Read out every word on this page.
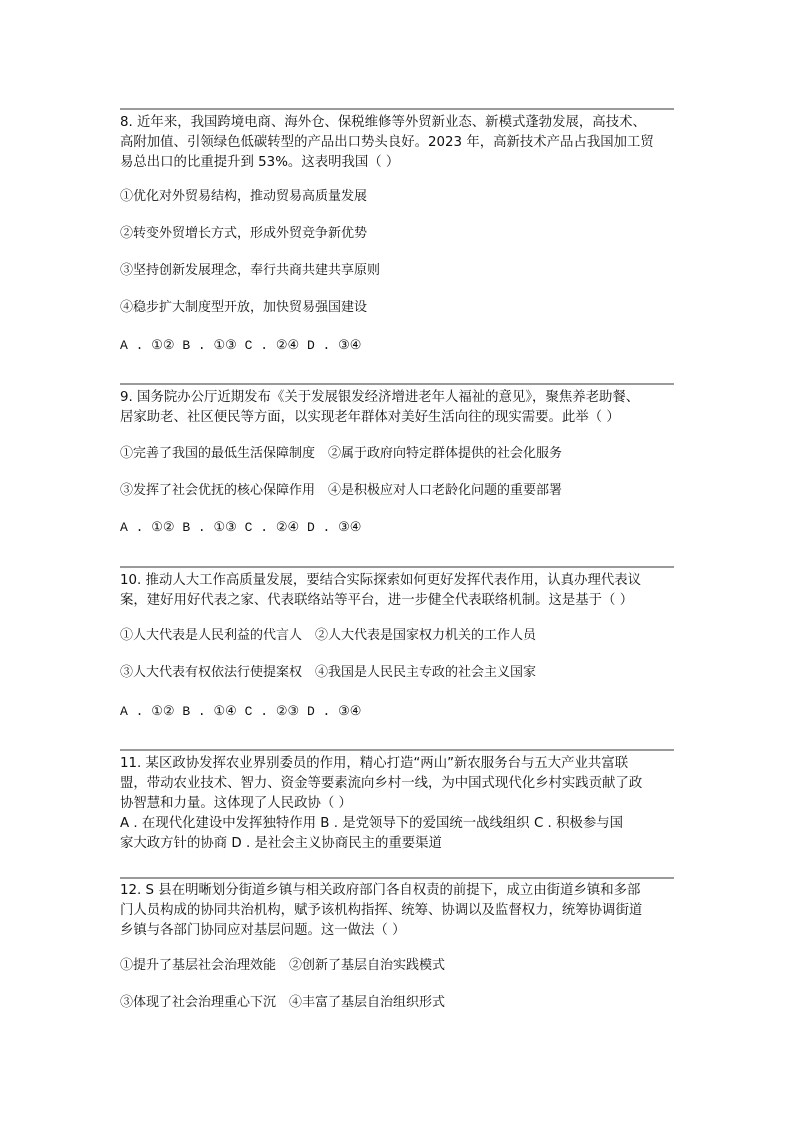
8. 近年来，我国跨境电商、海外仓、保税维修等外贸新业态、新模式蓬勃发展，高技术、
高附加值、引领绿色低碳转型的产品出口势头良好。2023 年，高新技术产品占我国加工贸
易总出口的比重提升到 53%。这表明我国（ ）
①优化对外贸易结构，推动贸易高质量发展
②转变外贸增长方式，形成外贸竞争新优势
③坚持创新发展理念，奉行共商共建共享原则
④稳步扩大制度型开放，加快贸易强国建设
A . ①② B . ①③ C . ②④ D . ③④
9. 国务院办公厅近期发布《关于发展银发经济增进老年人福祉的意见》，聚焦养老助餐、
居家助老、社区便民等方面，以实现老年群体对美好生活向往的现实需要。此举（ ）
①完善了我国的最低生活保障制度 ②属于政府向特定群体提供的社会化服务
③发挥了社会优抚的核心保障作用 ④是积极应对人口老龄化问题的重要部署
A . ①② B . ①③ C . ②④ D . ③④
10. 推动人大工作高质量发展，要结合实际探索如何更好发挥代表作用，认真办理代表议
案，建好用好代表之家、代表联络站等平台，进一步健全代表联络机制。这是基于（ ）
①人大代表是人民利益的代言人 ②人大代表是国家权力机关的工作人员
③人大代表有权依法行使提案权 ④我国是人民民主专政的社会主义国家
A . ①② B . ①④ C . ②③ D . ③④
11. 某区政协发挥农业界别委员的作用，精心打造“两山”新农服务台与五大产业共富联
盟，带动农业技术、智力、资金等要素流向乡村一线，为中国式现代化乡村实践贡献了政
协智慧和力量。这体现了人民政协（ ）
A . 在现代化建设中发挥独特作用 B . 是党领导下的爱国统一战线组织 C . 积极参与国
家大政方针的协商 D . 是社会主义协商民主的重要渠道
12. S 县在明晰划分街道乡镇与相关政府部门各自权责的前提下，成立由街道乡镇和多部
门人员构成的协同共治机构，赋予该机构指挥、统筹、协调以及监督权力，统筹协调街道
乡镇与各部门协同应对基层问题。这一做法（ ）
①提升了基层社会治理效能 ②创新了基层自治实践模式
③体现了社会治理重心下沉 ④丰富了基层自治组织形式
